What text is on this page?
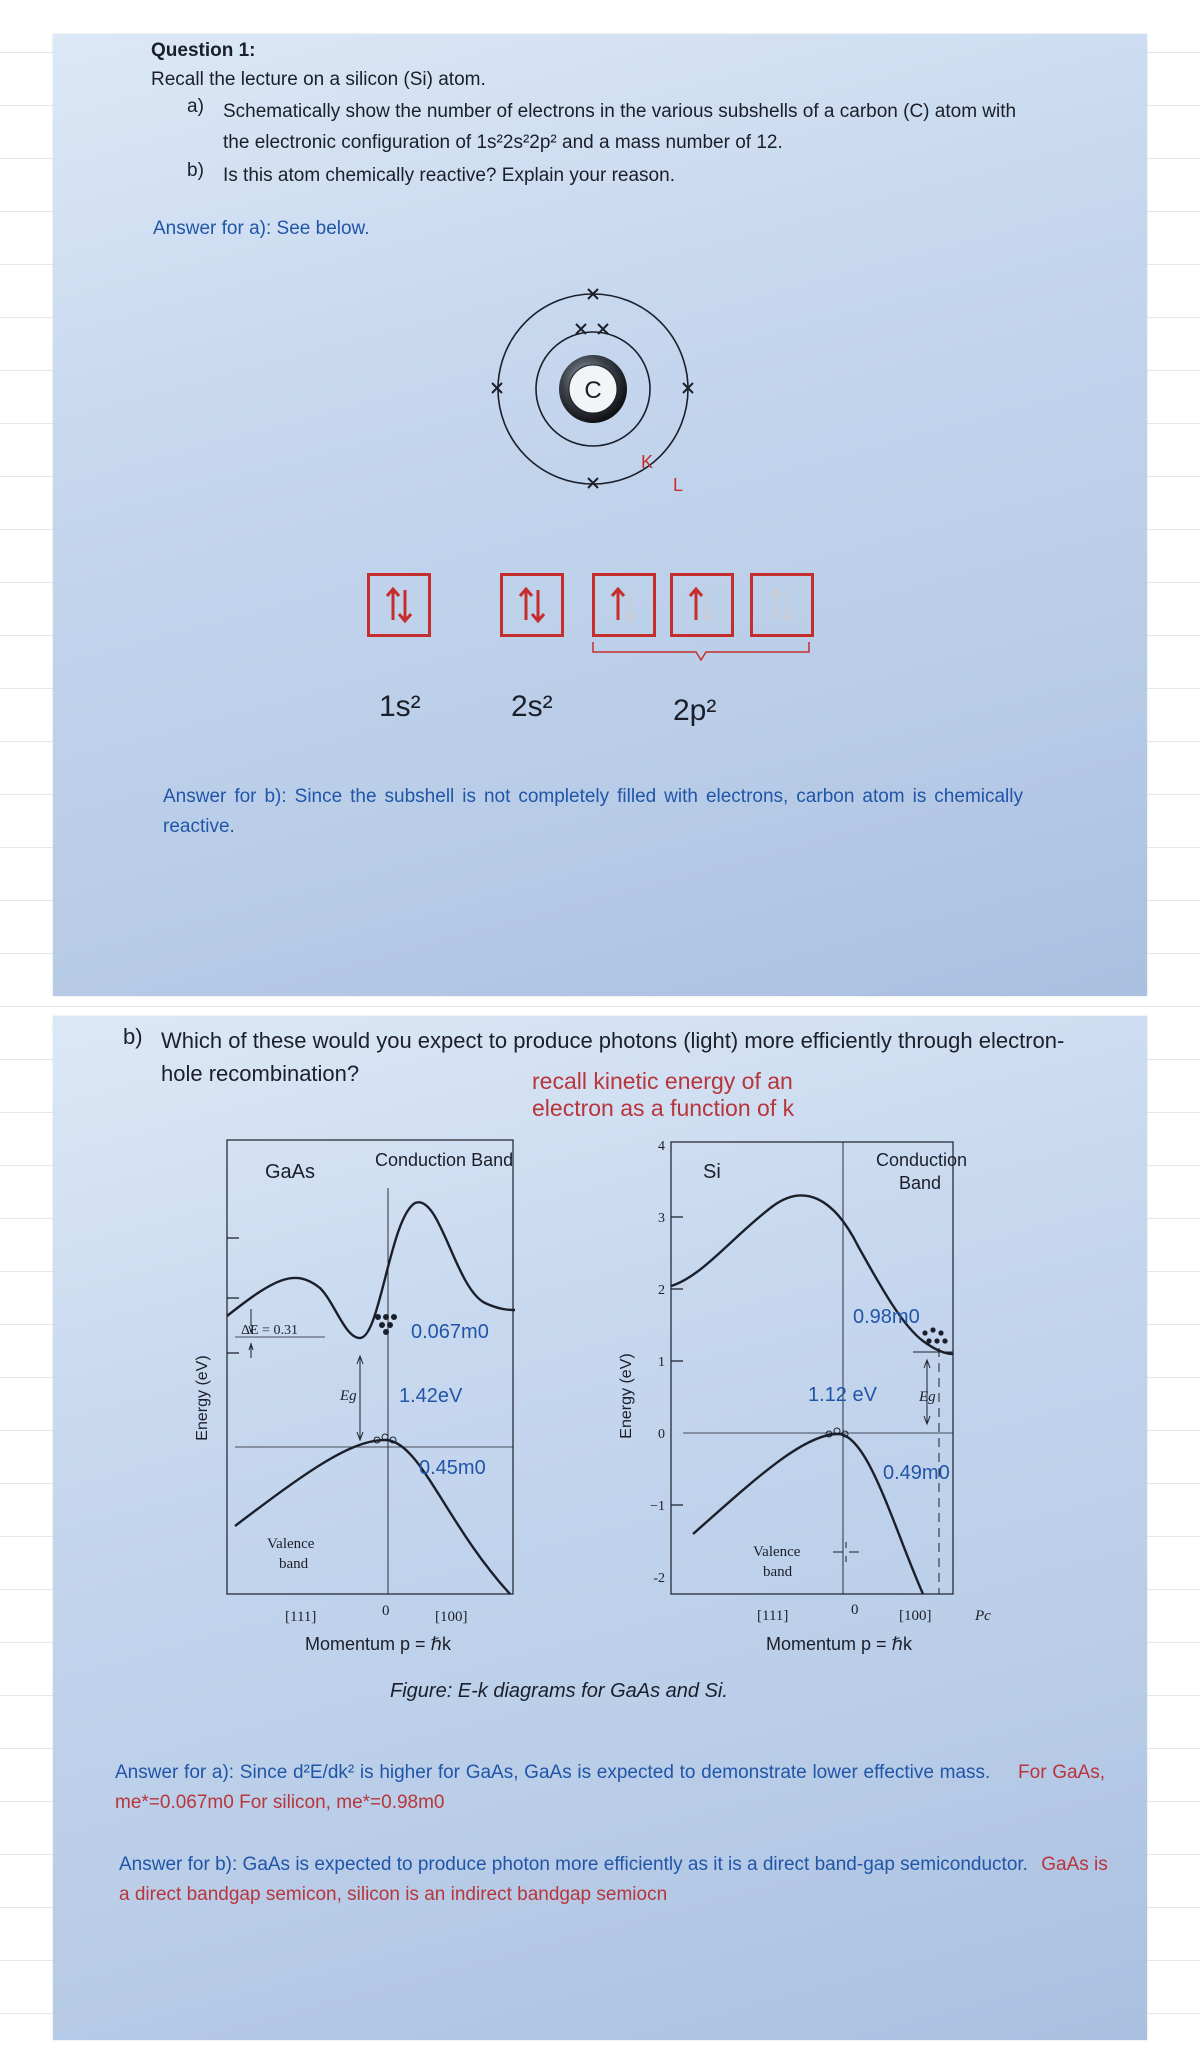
Question 1:
Recall the lecture on a silicon (Si) atom.
a) Schematically show the number of electrons in the various subshells of a carbon (C) atom with the electronic configuration of 1s²2s²2p² and a mass number of 12.
b) Is this atom chemically reactive? Explain your reason.
Answer for a): See below.
C
K
L
1s²	2s²	2p²
Answer for b): Since the subshell is not completely filled with electrons, carbon atom is chemically reactive.
b) Which of these would you expect to produce photons (light) more efficiently through electron-hole recombination?	recall kinetic energy of an electron as a function of k
GaAs
Conduction Band
Energy (eV)
ΔE = 0.31
Eg
0.067m0
1.42eV
0.45m0
Valence
band
[111]	0	[100]
Momentum p = ℏk
Si
Conduction
Band
Energy (eV)
4
3
2
1
0
−1
-2
Eg
0.98m0
1.12 eV
0.49m0
Valence
band
[111]	0	[100]	Pc
Momentum p = ℏk
Figure: E-k diagrams for GaAs and Si.
Answer for a): Since d²E/dk² is higher for GaAs, GaAs is expected to demonstrate lower effective mass. For GaAs, me*=0.067m0 For silicon, me*=0.98m0
Answer for b): GaAs is expected to produce photon more efficiently as it is a direct band-gap semiconductor. GaAs is a direct bandgap semicon, silicon is an indirect bandgap semiocn
